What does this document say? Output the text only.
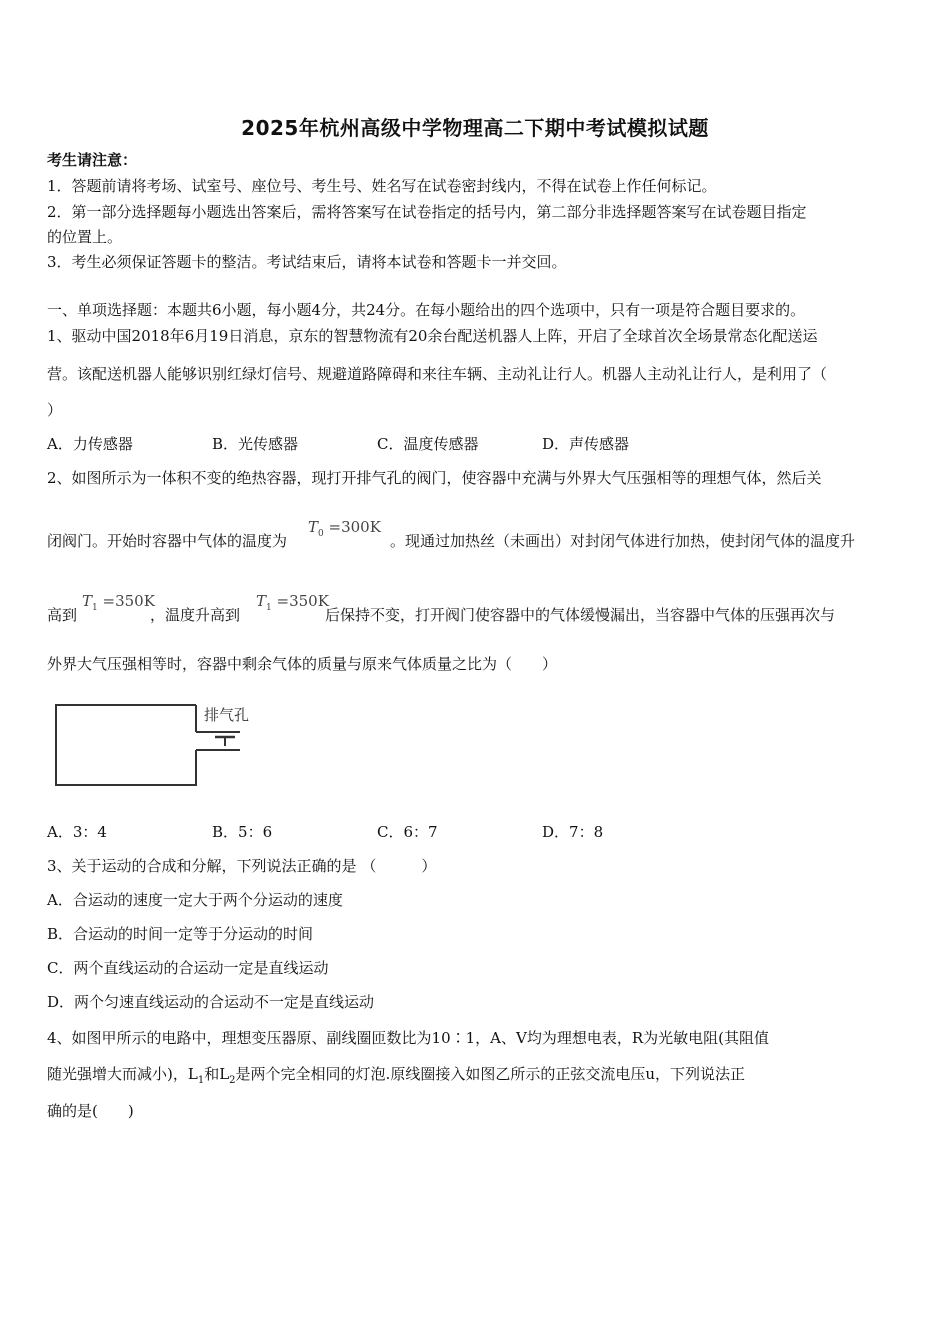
2025年杭州高级中学物理高二下期中考试模拟试题
考生请注意：
1．答题前请将考场、试室号、座位号、考生号、姓名写在试卷密封线内，不得在试卷上作任何标记。
2．第一部分选择题每小题选出答案后，需将答案写在试卷指定的括号内，第二部分非选择题答案写在试卷题目指定
的位置上。
3．考生必须保证答题卡的整洁。考试结束后，请将本试卷和答题卡一并交回。
一、单项选择题：本题共6小题，每小题4分，共24分。在每小题给出的四个选项中，只有一项是符合题目要求的。
1、驱动中国2018年6月19日消息，京东的智慧物流有20余台配送机器人上阵，开启了全球首次全场景常态化配送运
营。该配送机器人能够识别红绿灯信号、规避道路障碍和来往车辆、主动礼让行人。机器人主动礼让行人，是利用了（
）
A．力传感器	B．光传感器	C．温度传感器	D．声传感器
2、如图所示为一体积不变的绝热容器，现打开排气孔的阀门，使容器中充满与外界大气压强相等的理想气体，然后关
闭阀门。开始时容器中气体的温度为
$T_0 =300K$
。现通过加热丝（未画出）对封闭气体进行加热，使封闭气体的温度升
高到
$T_1 =350K$
，温度升高到
$T_1 =350K$
后保持不变，打开阀门使容器中的气体缓慢漏出，当容器中气体的压强再次与
外界大气压强相等时，容器中剩余气体的质量与原来气体质量之比为（　　）
排气孔
A．3：4	B．5：6	C．6：7	D．7：8
3、关于运动的合成和分解，下列说法正确的是 （　　　）
A．合运动的速度一定大于两个分运动的速度
B．合运动的时间一定等于分运动的时间
C．两个直线运动的合运动一定是直线运动
D．两个匀速直线运动的合运动不一定是直线运动
4、如图甲所示的电路中，理想变压器原、副线圈匝数比为10∶1，A、V均为理想电表，R为光敏电阻(其阻值
随光强增大而减小)，$L_1$和$L_2$是两个完全相同的灯泡.原线圈接入如图乙所示的正弦交流电压u，下列说法正
确的是(　　)
